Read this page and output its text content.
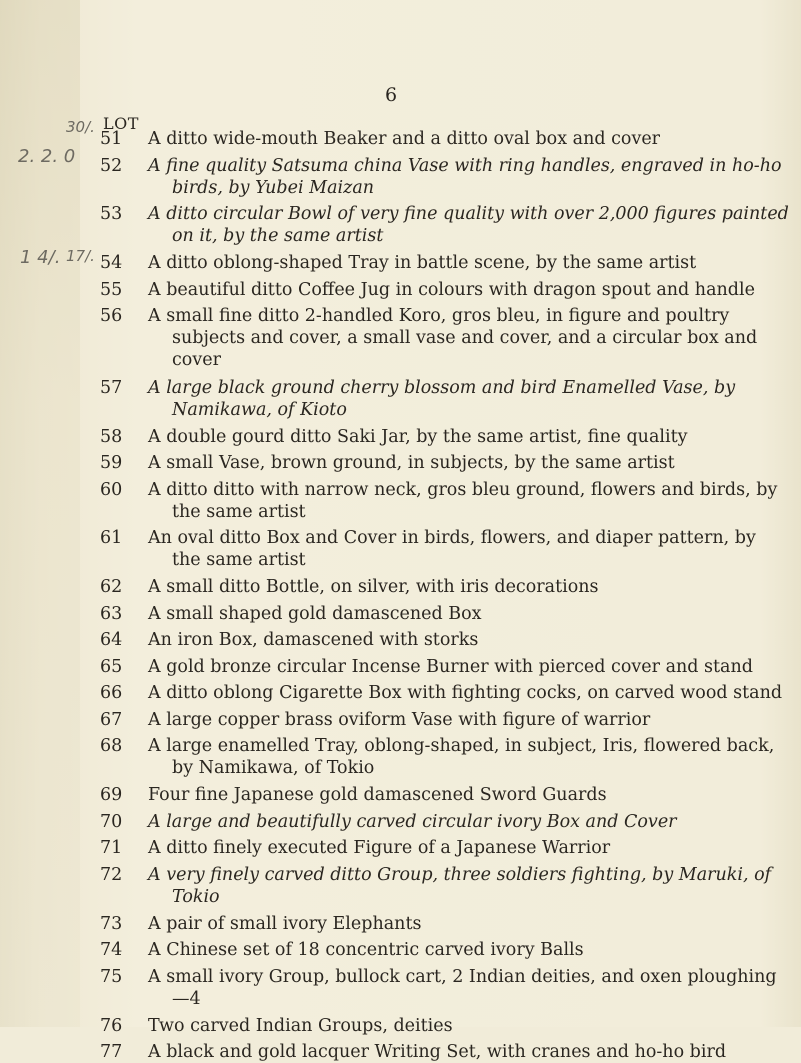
2. 2. 0
30/.
1 4/. 17/.
6
LOT
51	A ditto wide-mouth Beaker and a ditto oval box and cover
52	A fine quality Satsuma china Vase with ring handles, engraved in ho-ho
birds, by Yubei Maizan
53	A ditto circular Bowl of very fine quality with over 2,000 figures painted
on it, by the same artist
54	A ditto oblong-shaped Tray in battle scene, by the same artist
55	A beautiful ditto Coffee Jug in colours with dragon spout and handle
56	A small fine ditto 2-handled Koro, gros bleu, in figure and poultry
subjects and cover, a small vase and cover, and a circular box and
cover
57	A large black ground cherry blossom and bird Enamelled Vase, by
Namikawa, of Kioto
58	A double gourd ditto Saki Jar, by the same artist, fine quality
59	A small Vase, brown ground, in subjects, by the same artist
60	A ditto ditto with narrow neck, gros bleu ground, flowers and birds, by
the same artist
61	An oval ditto Box and Cover in birds, flowers, and diaper pattern, by
the same artist
62	A small ditto Bottle, on silver, with iris decorations
63	A small shaped gold damascened Box
64	An iron Box, damascened with storks
65	A gold bronze circular Incense Burner with pierced cover and stand
66	A ditto oblong Cigarette Box with fighting cocks, on carved wood stand
67	A large copper brass oviform Vase with figure of warrior
68	A large enamelled Tray, oblong-shaped, in subject, Iris, flowered back,
by Namikawa, of Tokio
69	Four fine Japanese gold damascened Sword Guards
70	A large and beautifully carved circular ivory Box and Cover
71	A ditto finely executed Figure of a Japanese Warrior
72	A very finely carved ditto Group, three soldiers fighting, by Maruki, of
Tokio
73	A pair of small ivory Elephants
74	A Chinese set of 18 concentric carved ivory Balls
75	A small ivory Group, bullock cart, 2 Indian deities, and oxen ploughing
—4
76	Two carved Indian Groups, deities
77	A black and gold lacquer Writing Set, with cranes and ho-ho bird
